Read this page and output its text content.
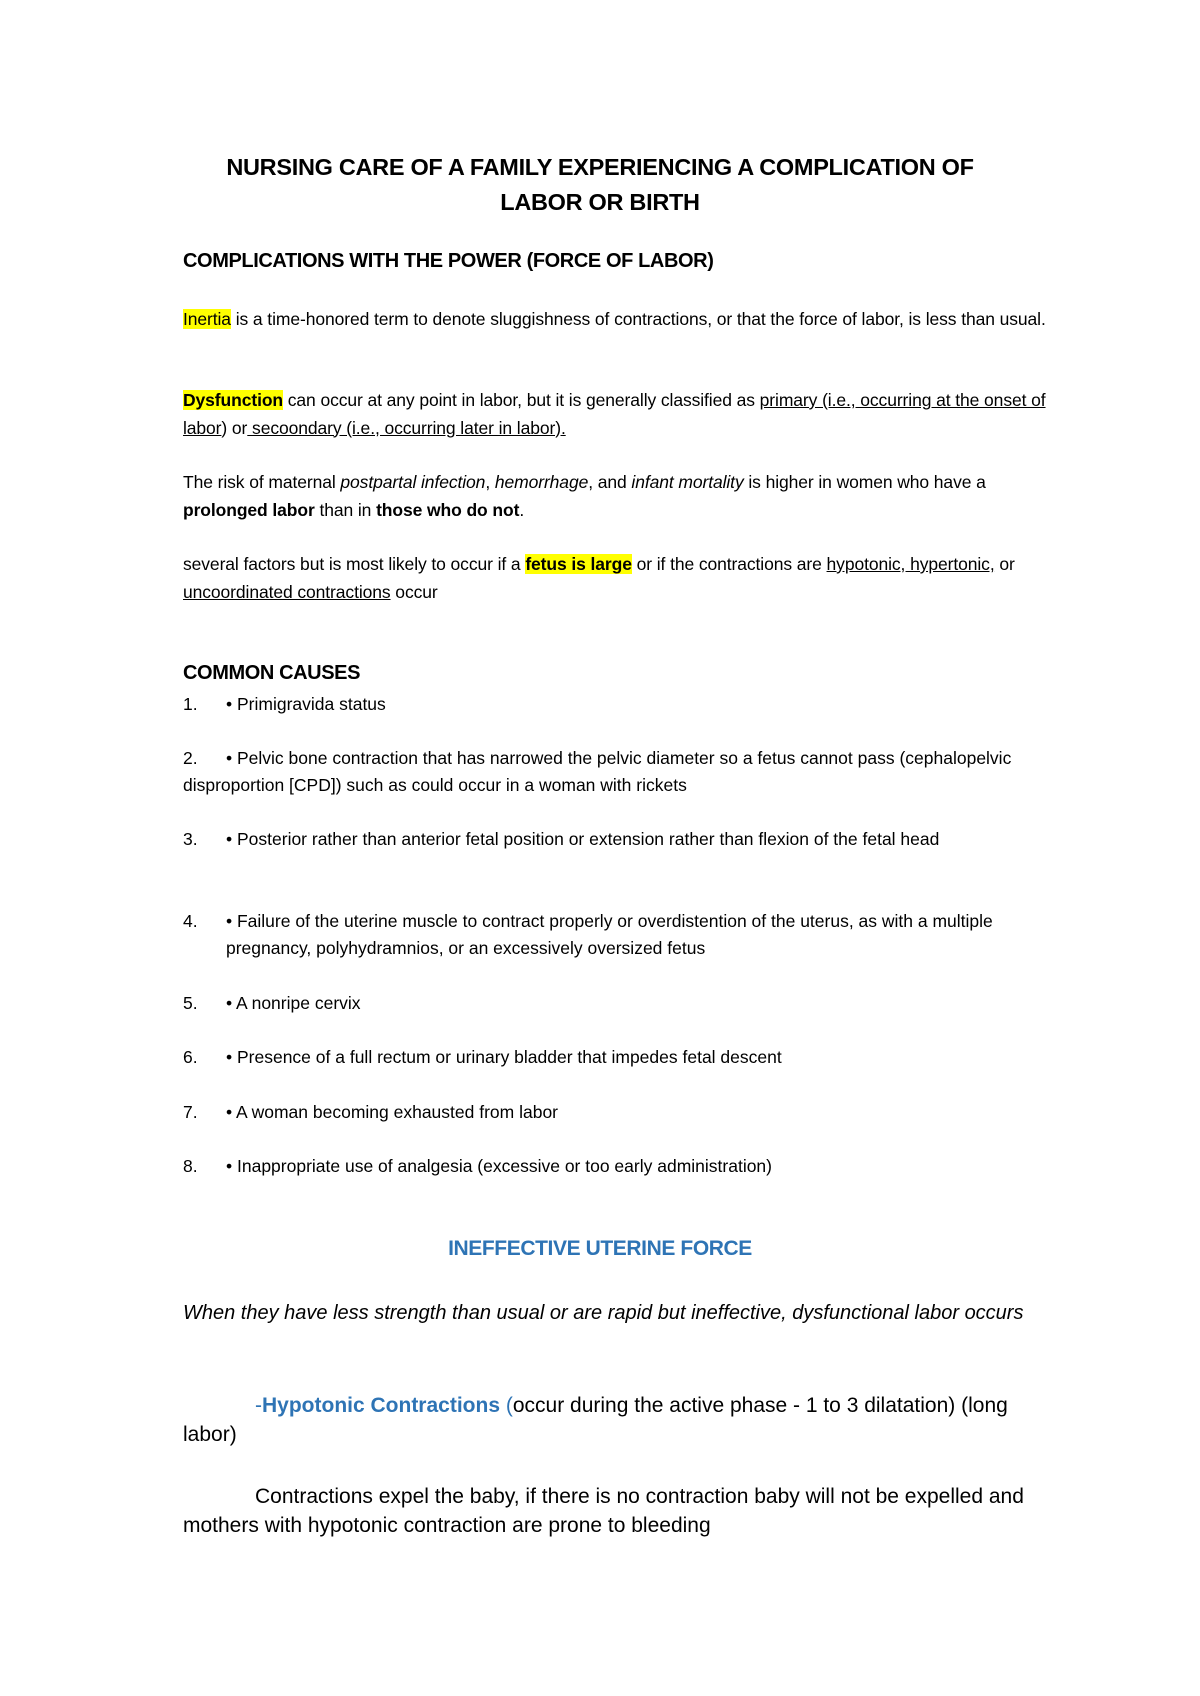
NURSING CARE OF A FAMILY EXPERIENCING A COMPLICATION OF
LABOR OR BIRTH
COMPLICATIONS WITH THE POWER (FORCE OF LABOR)
Inertia is a time-honored term to denote sluggishness of contractions, or that the force of labor, is less than usual.
Dysfunction can occur at any point in labor, but it is generally classified as primary (i.e., occurring at the onset of labor) or secoondary (i.e., occurring later in labor).
The risk of maternal postpartal infection, hemorrhage, and infant mortality is higher in women who have a prolonged labor than in those who do not.
several factors but is most likely to occur if a fetus is large or if the contractions are hypotonic, hypertonic, or uncoordinated contractions occur
COMMON CAUSES
1.	• Primigravida status
2.	• Pelvic bone contraction that has narrowed the pelvic diameter so a fetus cannot pass (cephalopelvic disproportion [CPD]) such as could occur in a woman with rickets
3.	• Posterior rather than anterior fetal position or extension rather than flexion of the fetal head
4.	• Failure of the uterine muscle to contract properly or overdistention of the uterus, as with a multiple pregnancy, polyhydramnios, or an excessively oversized fetus
5.	• A nonripe cervix
6.	• Presence of a full rectum or urinary bladder that impedes fetal descent
7.	• A woman becoming exhausted from labor
8.	• Inappropriate use of analgesia (excessive or too early administration)
INEFFECTIVE UTERINE FORCE
When they have less strength than usual or are rapid but ineffective, dysfunctional labor occurs
-Hypotonic Contractions (occur during the active phase - 1 to 3 dilatation) (long labor)
Contractions expel the baby, if there is no contraction baby will not be expelled and mothers with hypotonic contraction are prone to bleeding
